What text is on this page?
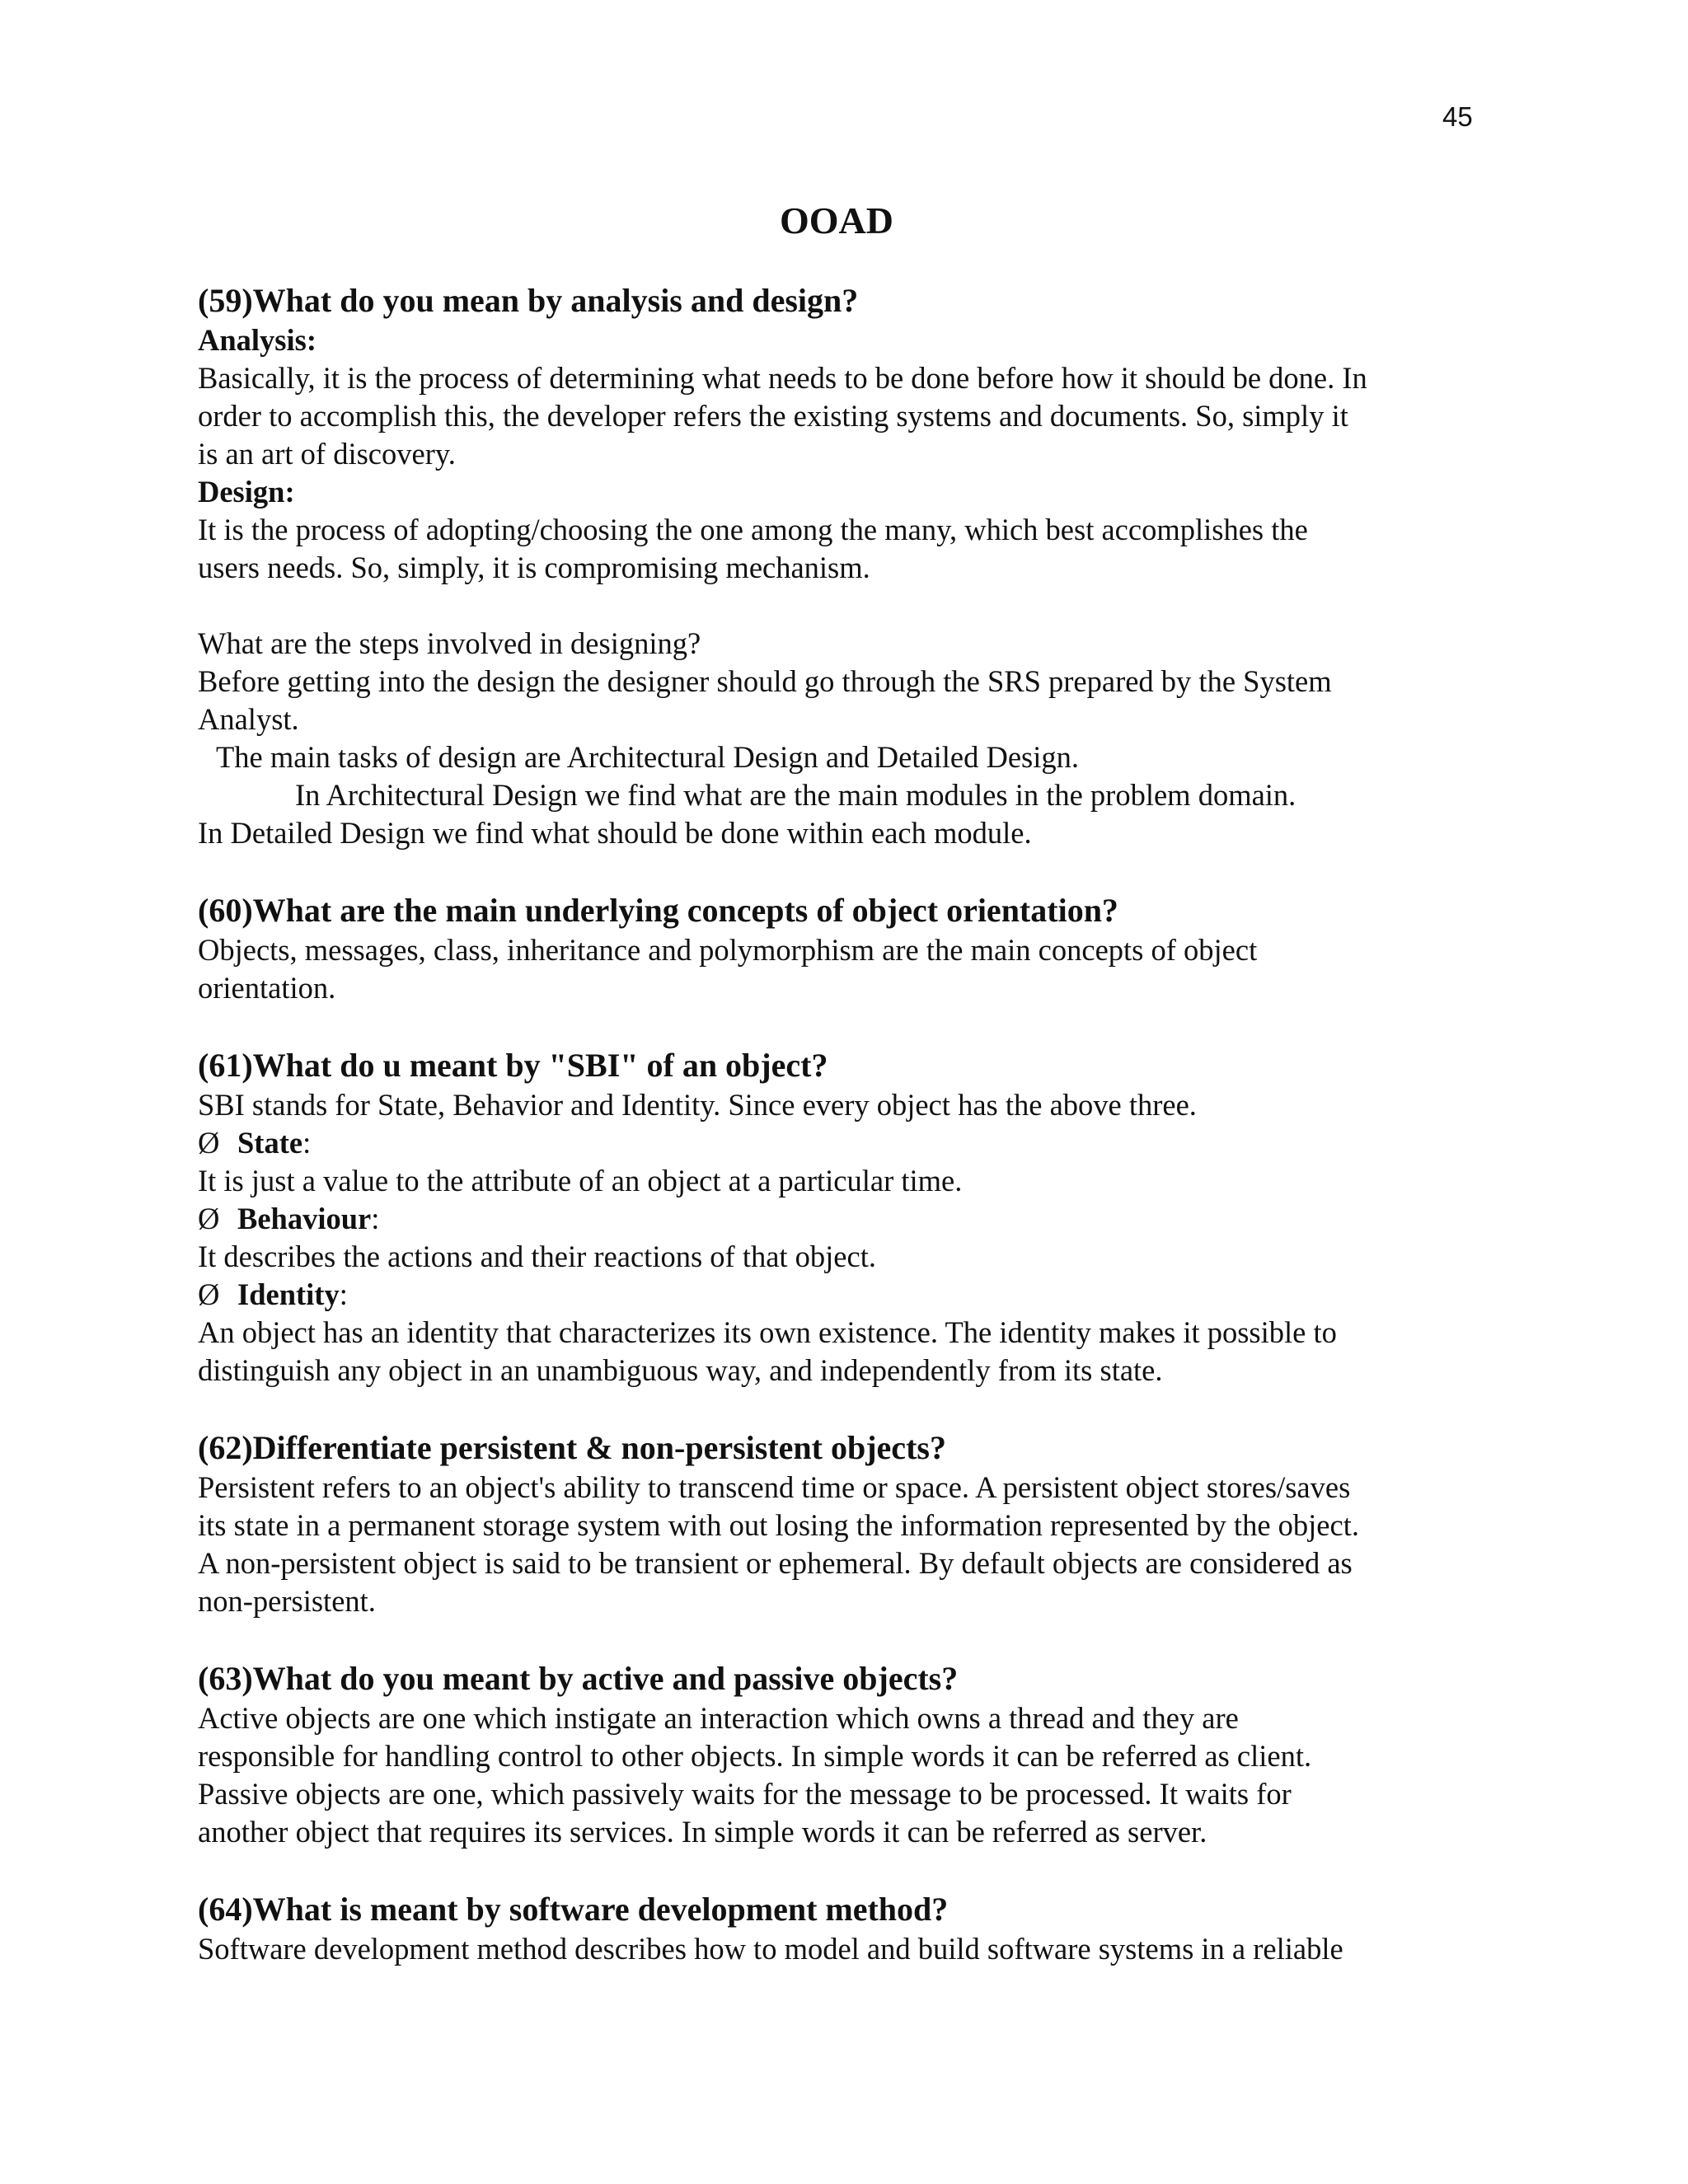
45
OOAD

(59)What do you mean by analysis and design?

Analysis:

Basically, it is the process of determining what needs to be done before how it should be done. In

order to accomplish this, the developer refers the existing systems and documents. So, simply it

is an art of discovery.

Design:

It is the process of adopting/choosing the one among the many, which best accomplishes the

users needs. So, simply, it is compromising mechanism.

What are the steps involved in designing?

Before getting into the design the designer should go through the SRS prepared by the System

Analyst.

The main tasks of design are Architectural Design and Detailed Design.

In Architectural Design we find what are the main modules in the problem domain.

In Detailed Design we find what should be done within each module.

(60)What are the main underlying concepts of object orientation?

Objects, messages, class, inheritance and polymorphism are the main concepts of object

orientation.

(61)What do u meant by "SBI" of an object?

SBI stands for State, Behavior and Identity. Since every object has the above three.

Ø State:

It is just a value to the attribute of an object at a particular time.

Ø Behaviour:

It describes the actions and their reactions of that object.

Ø Identity:

An object has an identity that characterizes its own existence. The identity makes it possible to

distinguish any object in an unambiguous way, and independently from its state.

(62)Differentiate persistent & non-persistent objects?

Persistent refers to an object's ability to transcend time or space. A persistent object stores/saves

its state in a permanent storage system with out losing the information represented by the object.

A non-persistent object is said to be transient or ephemeral. By default objects are considered as

non-persistent.

(63)What do you meant by active and passive objects?

Active objects are one which instigate an interaction which owns a thread and they are

responsible for handling control to other objects. In simple words it can be referred as client.

Passive objects are one, which passively waits for the message to be processed. It waits for

another object that requires its services. In simple words it can be referred as server.

(64)What is meant by software development method?

Software development method describes how to model and build software systems in a reliable
